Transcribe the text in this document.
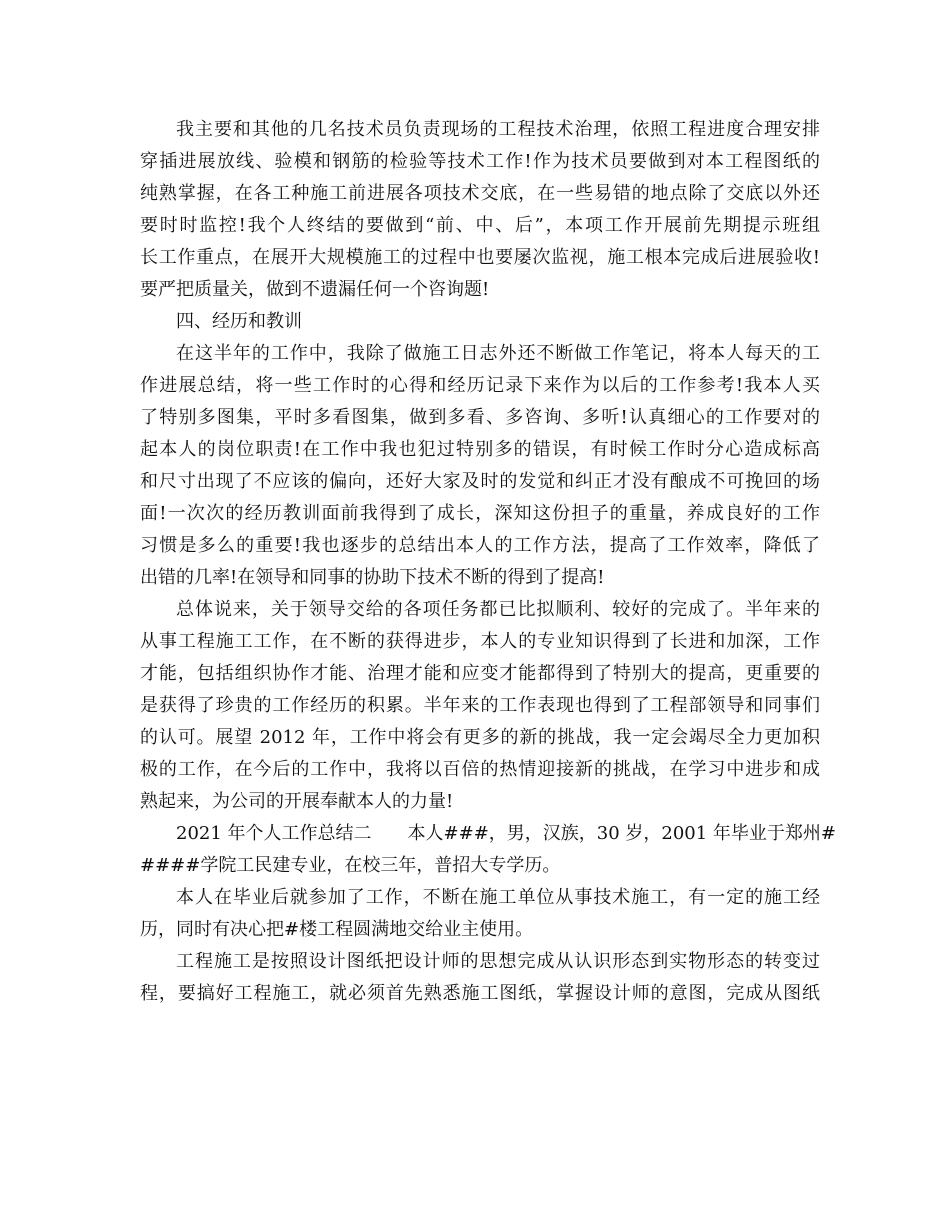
我主要和其他的几名技术员负责现场的工程技术治理，依照工程进度合理安排
穿插进展放线、验模和钢筋的检验等技术工作!作为技术员要做到对本工程图纸的
纯熟掌握，在各工种施工前进展各项技术交底，在一些易错的地点除了交底以外还
要时时监控!我个人终结的要做到“前、中、后”，本项工作开展前先期提示班组
长工作重点，在展开大规模施工的过程中也要屡次监视，施工根本完成后进展验收!
要严把质量关，做到不遗漏任何一个咨询题!
四、经历和教训
在这半年的工作中，我除了做施工日志外还不断做工作笔记，将本人每天的工
作进展总结，将一些工作时的心得和经历记录下来作为以后的工作参考!我本人买
了特别多图集，平时多看图集，做到多看、多咨询、多听!认真细心的工作要对的
起本人的岗位职责!在工作中我也犯过特别多的错误，有时候工作时分心造成标高
和尺寸出现了不应该的偏向，还好大家及时的发觉和纠正才没有酿成不可挽回的场
面!一次次的经历教训面前我得到了成长，深知这份担子的重量，养成良好的工作
习惯是多么的重要!我也逐步的总结出本人的工作方法，提高了工作效率，降低了
出错的几率!在领导和同事的协助下技术不断的得到了提高!
总体说来，关于领导交给的各项任务都已比拟顺利、较好的完成了。半年来的
从事工程施工工作，在不断的获得进步，本人的专业知识得到了长进和加深，工作
才能，包括组织协作才能、治理才能和应变才能都得到了特别大的提高，更重要的
是获得了珍贵的工作经历的积累。半年来的工作表现也得到了工程部领导和同事们
的认可。展望 2012 年，工作中将会有更多的新的挑战，我一定会竭尽全力更加积
极的工作，在今后的工作中，我将以百倍的热情迎接新的挑战，在学习中进步和成
熟起来，为公司的开展奉献本人的力量!
2021 年个人工作总结二　　本人###，男，汉族，30 岁，2001 年毕业于郑州#
####学院工民建专业，在校三年，普招大专学历。
本人在毕业后就参加了工作，不断在施工单位从事技术施工，有一定的施工经
历，同时有决心把#楼工程圆满地交给业主使用。
工程施工是按照设计图纸把设计师的思想完成从认识形态到实物形态的转变过
程，要搞好工程施工，就必须首先熟悉施工图纸，掌握设计师的意图，完成从图纸
